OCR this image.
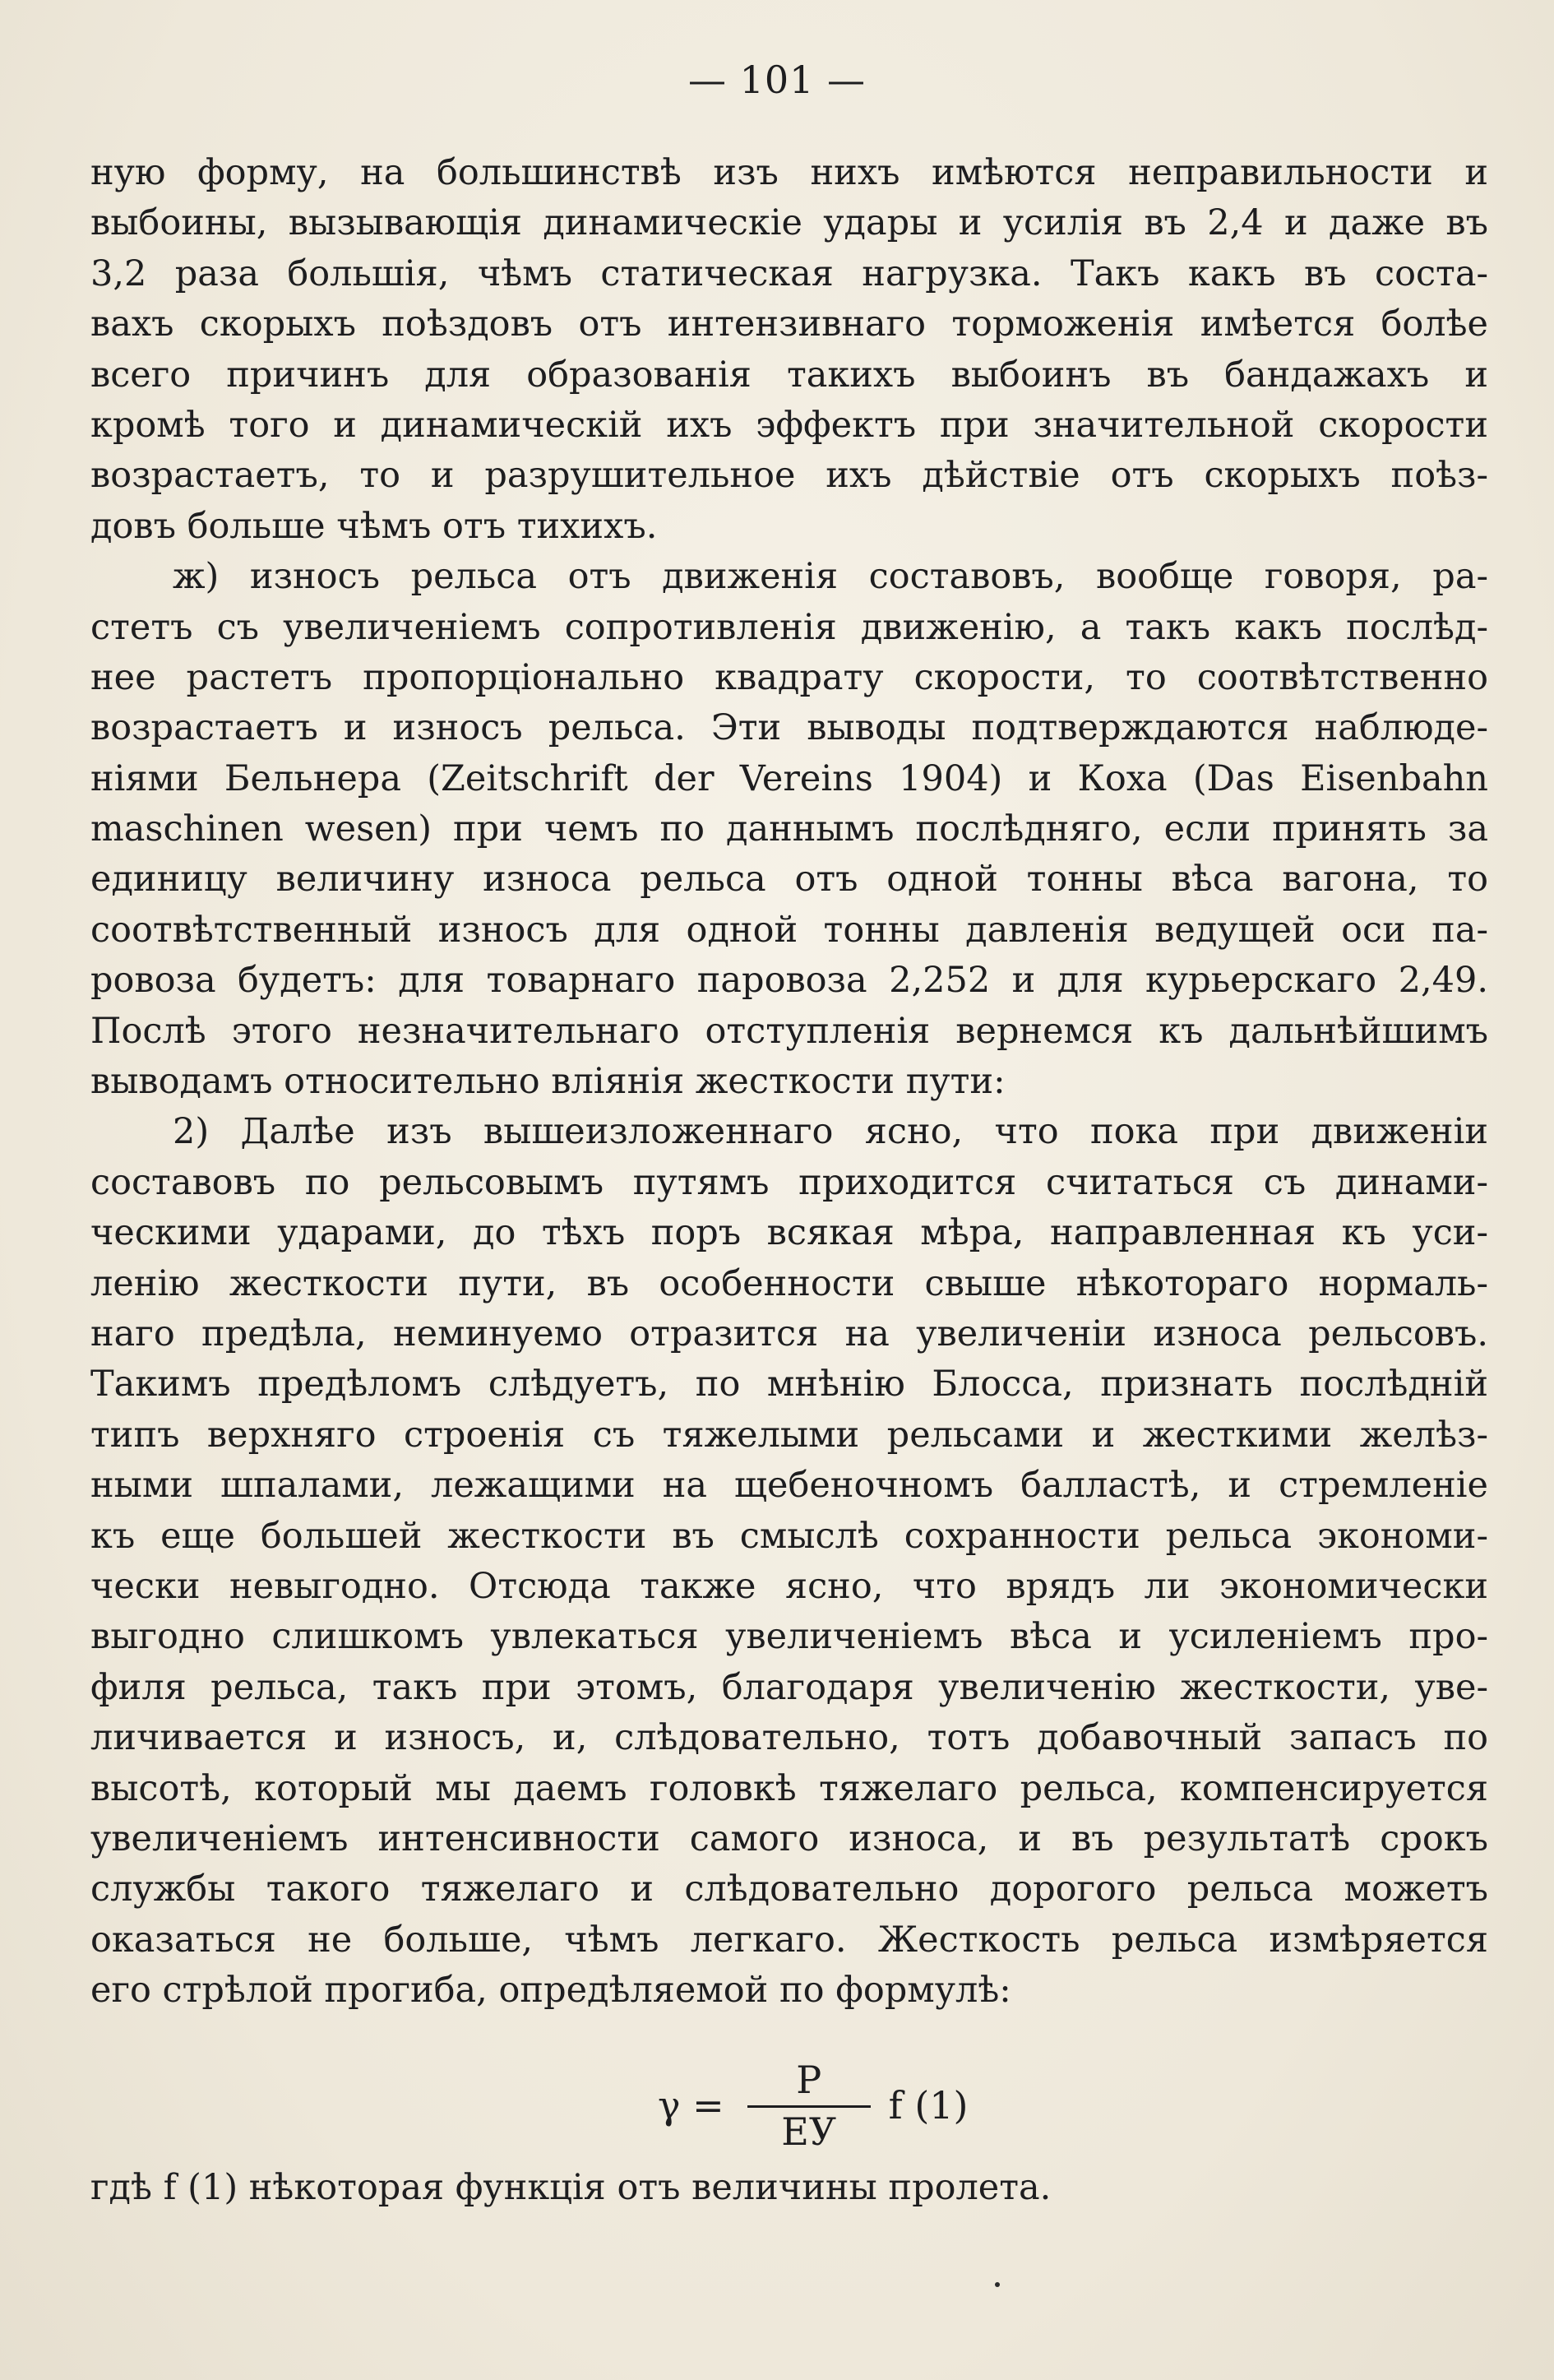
— 101 —
ную форму, на большинствѣ изъ нихъ имѣются неправильности и
выбоины, вызывающія динамическіе удары и усилія въ 2,4 и даже въ
3,2 раза большія, чѣмъ статическая нагрузка. Такъ какъ въ соста-
вахъ скорыхъ поѣздовъ отъ интензивнаго торможенія имѣется болѣе
всего причинъ для образованія такихъ выбоинъ въ бандажахъ и
кромѣ того и динамическій ихъ эффектъ при значительной скорости
возрастаетъ, то и разрушительное ихъ дѣйствіе отъ скорыхъ поѣз-
довъ больше чѣмъ отъ тихихъ.
ж) износъ рельса отъ движенія составовъ, вообще говоря, ра-
стетъ съ увеличеніемъ сопротивленія движенію, а такъ какъ послѣд-
нее растетъ пропорціонально квадрату скорости, то соотвѣтственно
возрастаетъ и износъ рельса. Эти выводы подтверждаются наблюде-
ніями Бельнера (Zeitschrift der Vereins 1904) и Коха (Das Eisenbahn
maschinen wesen) при чемъ по даннымъ послѣдняго, если принять за
единицу величину износа рельса отъ одной тонны вѣса вагона, то
соотвѣтственный износъ для одной тонны давленія ведущей оси па-
ровоза будетъ: для товарнаго паровоза 2,252 и для курьерскаго 2,49.
Послѣ этого незначительнаго отступленія вернемся къ дальнѣйшимъ
выводамъ относительно вліянія жесткости пути:
2) Далѣе изъ вышеизложеннаго ясно, что пока при движеніи
составовъ по рельсовымъ путямъ приходится считаться съ динами-
ческими ударами, до тѣхъ поръ всякая мѣра, направленная къ уси-
ленію жесткости пути, въ особенности свыше нѣкотораго нормаль-
наго предѣла, неминуемо отразится на увеличеніи износа рельсовъ.
Такимъ предѣломъ слѣдуетъ, по мнѣнію Блосса, признать послѣдній
типъ верхняго строенія съ тяжелыми рельсами и жесткими желѣз-
ными шпалами, лежащими на щебеночномъ балластѣ, и стремленіе
къ еще большей жесткости въ смыслѣ сохранности рельса экономи-
чески невыгодно. Отсюда также ясно, что врядъ ли экономически
выгодно слишкомъ увлекаться увеличеніемъ вѣса и усиленіемъ про-
филя рельса, такъ при этомъ, благодаря увеличенію жесткости, уве-
личивается и износъ, и, слѣдовательно, тотъ добавочный запасъ по
высотѣ, который мы даемъ головкѣ тяжелаго рельса, компенсируется
увеличеніемъ интенсивности самого износа, и въ результатѣ срокъ
службы такого тяжелаго и слѣдовательно дорогого рельса можетъ
оказаться не больше, чѣмъ легкаго. Жесткость рельса измѣряется
его стрѣлой прогиба, опредѣляемой по формулѣ:
$\gamma = \frac{P}{EУ}$ f (1)
гдѣ f (1) нѣкоторая функція отъ величины пролета.
